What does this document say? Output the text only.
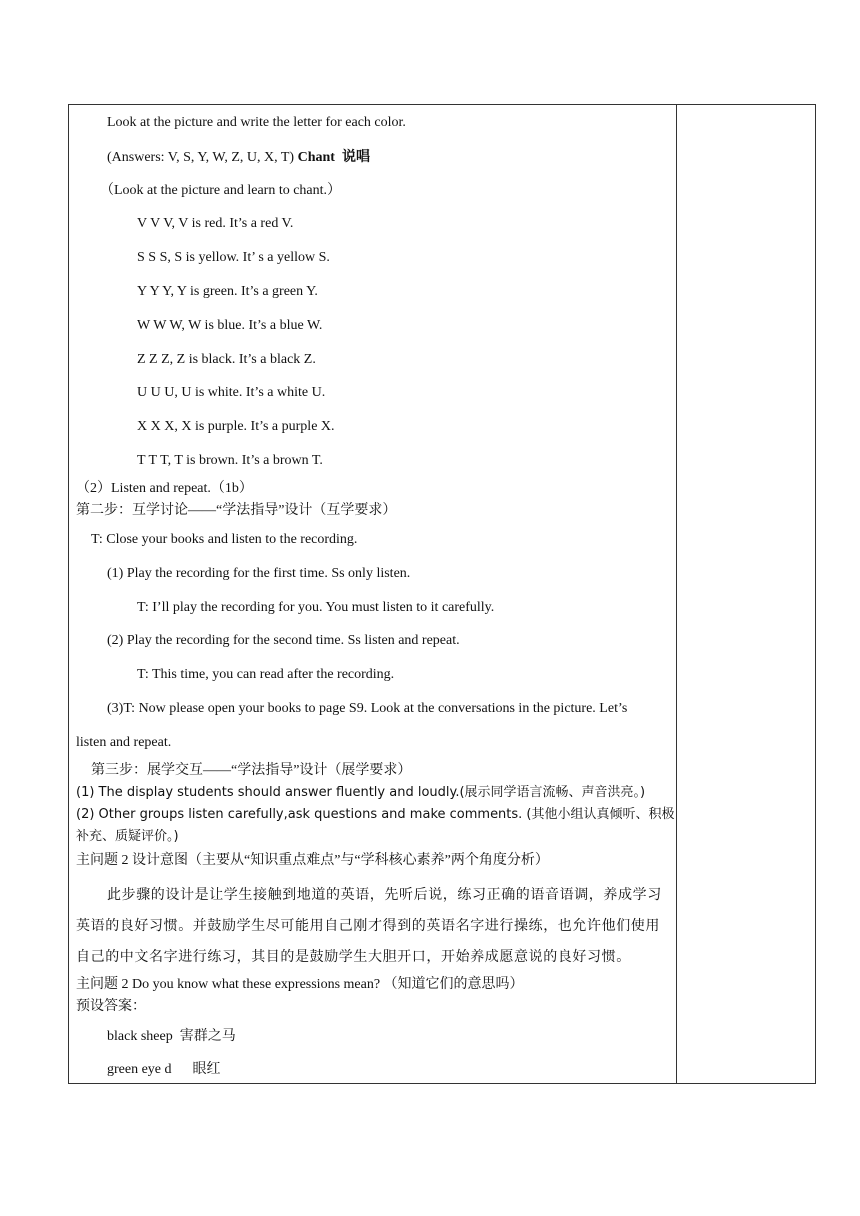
Look at the picture and write the letter for each color.
(Answers: V, S, Y, W, Z, U, X, T) Chant 说唱
（Look at the picture and learn to chant.）
V V V, V is red. It’s a red V.
S S S, S is yellow. It’ s a yellow S.
Y Y Y, Y is green. It’s a green Y.
W W W, W is blue. It’s a blue W.
Z Z Z, Z is black. It’s a black Z.
U U U, U is white. It’s a white U.
X X X, X is purple. It’s a purple X.
T T T, T is brown. It’s a brown T.
（2）Listen and repeat.（1b）
第二步：互学讨论——“学法指导”设计（互学要求）
T: Close your books and listen to the recording.
(1) Play the recording for the first time. Ss only listen.
T: I’ll play the recording for you. You must listen to it carefully.
(2) Play the recording for the second time. Ss listen and repeat.
T: This time, you can read after the recording.
(3)T: Now please open your books to page S9. Look at the conversations in the picture. Let’s
listen and repeat.
第三步：展学交互——“学法指导”设计（展学要求）
(1) The display students should answer fluently and loudly.(展示同学语言流畅、声音洪亮。)
(2) Other groups listen carefully,ask questions and make comments. (其他小组认真倾听、积极
补充、质疑评价。)
主问题 2 设计意图（主要从“知识重点难点”与“学科核心素养”两个角度分析）
此步骤的设计是让学生接触到地道的英语，先听后说，练习正确的语音语调，养成学习英语的良好习惯。并鼓励学生尽可能用自己刚才得到的英语名字进行操练，也允许他们使用自己的中文名字进行练习，其目的是鼓励学生大胆开口，开始养成愿意说的良好习惯。
主问题 2 Do you know what these expressions mean? （知道它们的意思吗）
预设答案：
black sheep 害群之马
green eye d 眼红
